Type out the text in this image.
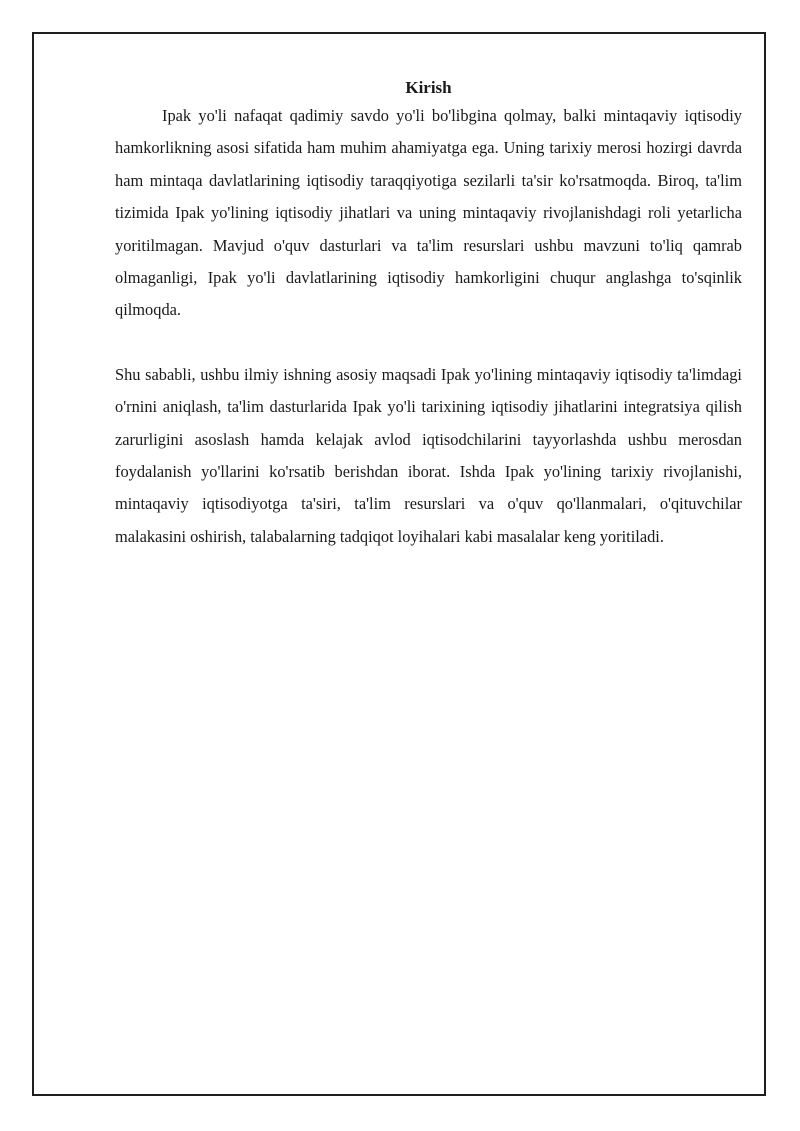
Kirish

Ipak yo'li nafaqat qadimiy savdo yo'li bo'libgina qolmay, balki mintaqaviy iqtisodiy hamkorlikning asosi sifatida ham muhim ahamiyatga ega. Uning tarixiy merosi hozirgi davrda ham mintaqa davlatlarining iqtisodiy taraqqiyotiga sezilarli ta'sir ko'rsatmoqda. Biroq, ta'lim tizimida Ipak yo'lining iqtisodiy jihatlari va uning mintaqaviy rivojlanishdagi roli yetarlicha yoritilmagan. Mavjud o'quv dasturlari va ta'lim resurslari ushbu mavzuni to'liq qamrab olmaganligi, Ipak yo'li davlatlarining iqtisodiy hamkorligini chuqur anglashga to'sqinlik qilmoqda.

Shu sababli, ushbu ilmiy ishning asosiy maqsadi Ipak yo'lining mintaqaviy iqtisodiy ta'limdagi o'rnini aniqlash, ta'lim dasturlarida Ipak yo'li tarixining iqtisodiy jihatlarini integratsiya qilish zarurligini asoslash hamda kelajak avlod iqtisodchilarini tayyorlashda ushbu merosdan foydalanish yo'llarini ko'rsatib berishdan iborat. Ishda Ipak yo'lining tarixiy rivojlanishi, mintaqaviy iqtisodiyotga ta'siri, ta'lim resurslari va o'quv qo'llanmalari, o'qituvchilar malakasini oshirish, talabalarning tadqiqot loyihalari kabi masalalar keng yoritiladi.
